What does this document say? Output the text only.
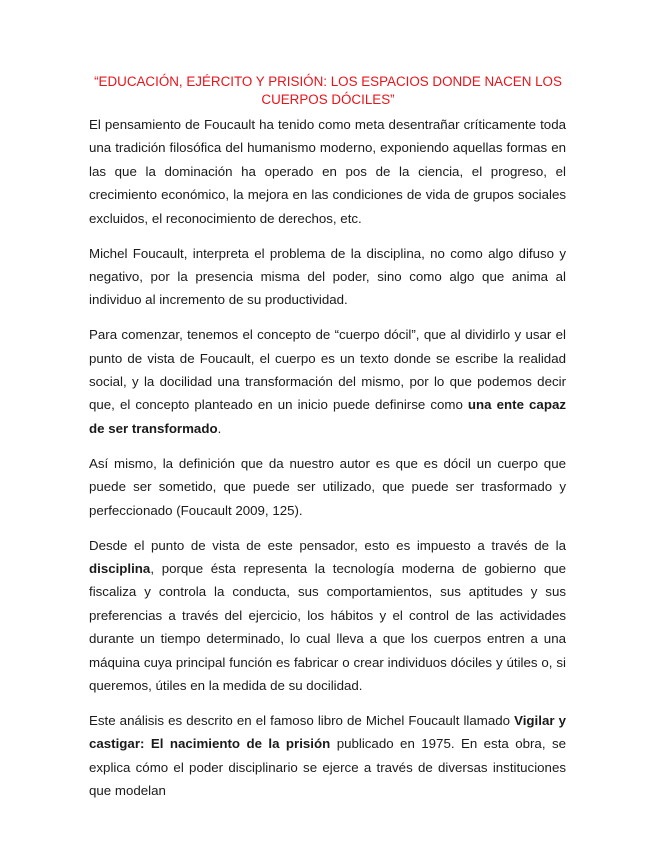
“EDUCACIÓN, EJÉRCITO Y PRISIÓN: LOS ESPACIOS DONDE NACEN LOS CUERPOS DÓCILES”

El pensamiento de Foucault ha tenido como meta desentrañar críticamente toda una tradición filosófica del humanismo moderno, exponiendo aquellas formas en las que la dominación ha operado en pos de la ciencia, el progreso, el crecimiento económico, la mejora en las condiciones de vida de grupos sociales excluidos, el reconocimiento de derechos, etc.

Michel Foucault, interpreta el problema de la disciplina, no como algo difuso y negativo, por la presencia misma del poder, sino como algo que anima al individuo al incremento de su productividad.

Para comenzar, tenemos el concepto de “cuerpo dócil”, que al dividirlo y usar el punto de vista de Foucault, el cuerpo es un texto donde se escribe la realidad social, y la docilidad una transformación del mismo, por lo que podemos decir que, el concepto planteado en un inicio puede definirse como una ente capaz de ser transformado.

Así mismo, la definición que da nuestro autor es que es dócil un cuerpo que puede ser sometido, que puede ser utilizado, que puede ser trasformado y perfeccionado (Foucault 2009, 125).

Desde el punto de vista de este pensador, esto es impuesto a través de la disciplina, porque ésta representa la tecnología moderna de gobierno que fiscaliza y controla la conducta, sus comportamientos, sus aptitudes y sus preferencias a través del ejercicio, los hábitos y el control de las actividades durante un tiempo determinado, lo cual lleva a que los cuerpos entren a una máquina cuya principal función es fabricar o crear individuos dóciles y útiles o, si queremos, útiles en la medida de su docilidad.

Este análisis es descrito en el famoso libro de Michel Foucault llamado Vigilar y castigar: El nacimiento de la prisión publicado en 1975. En esta obra, se explica cómo el poder disciplinario se ejerce a través de diversas instituciones que modelan
